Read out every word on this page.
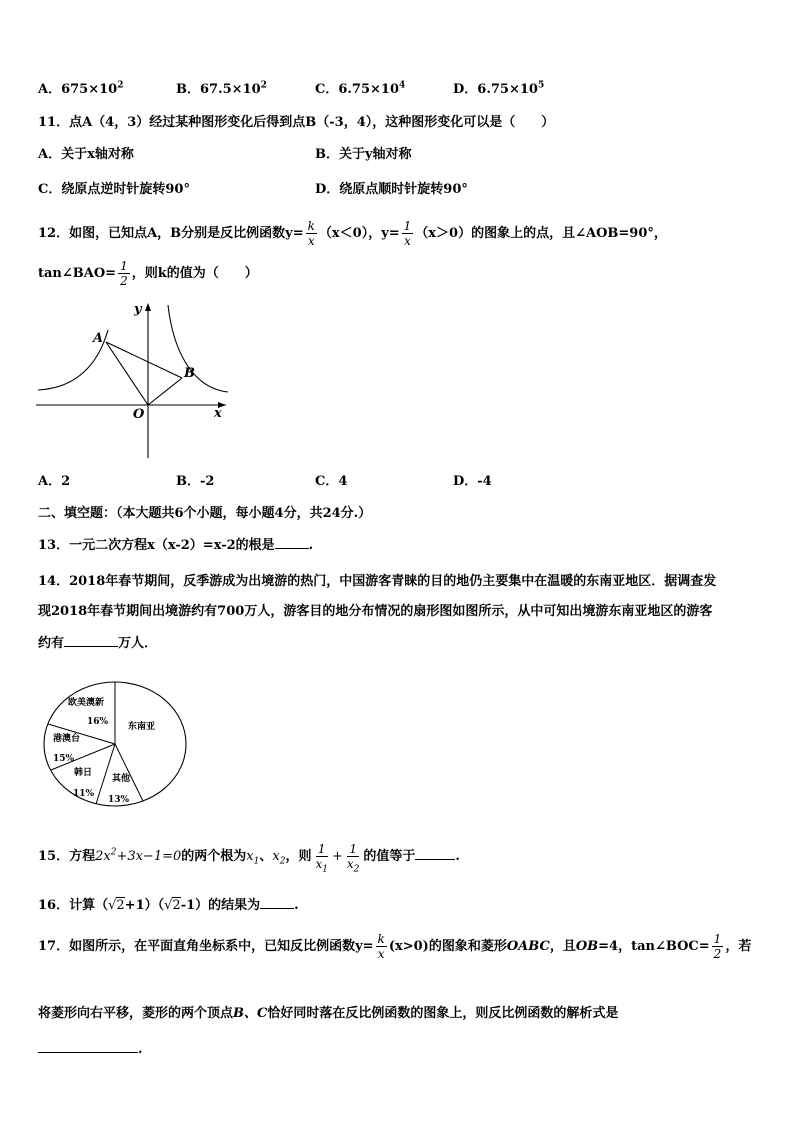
A．$675\times 10^2$	B．$67.5\times 10^2$	C．$6.75\times 10^4$	D．$6.75\times 10^5$
11．点A（4，3）经过某种图形变化后得到点B（-3，4），这种图形变化可以是（　　）
A．关于x轴对称	B．关于y轴对称
C．绕原点逆时针旋转90°	D．绕原点顺时针旋转90°
12．如图，已知点A，B分别是反比例函数$y= \frac{k}{x} (x<0)$，$y= \frac{1}{x} (x>0)$的图象上的点，且∠AOB=90°，
tan∠BAO= $\frac{1}{2}$ ，则k的值为（　　）
y
x
O
A
B
A．2	B．-2	C．4	D．-4
二、填空题：（本大题共6个小题，每小题4分，共24分.）
13．一元二次方程x（x-2）=x-2的根是	.
14．2018年春节期间，反季游成为出境游的热门，中国游客青睐的目的地仍主要集中在温暖的东南亚地区．据调查发
现2018年春节期间出境游约有700万人，游客目的地分布情况的扇形图如图所示，从中可知出境游东南亚地区的游客
约有	万人．
欧美澳新
16% 东南亚
其他
13%
韩日
11%
港澳台
15%
15．方程$2x^2+3x-1=0$的两个根为$x_1$、$x_2$，则 $\frac{1}{x_1} + \frac{1}{x_2}$ 的值等于	.
16．计算（√2+1）（√2-1）的结果为	.
17．如图所示，在平面直角坐标系中，已知反比例函数$y= \frac{k}{x} (x>0)$的图象和菱形OABC，且OB=4，tan∠BOC= $\frac{1}{2}$ ，若
将菱形向右平移，菱形的两个顶点B、C恰好同时落在反比例函数的图象上，则反比例函数的解析式是
.
